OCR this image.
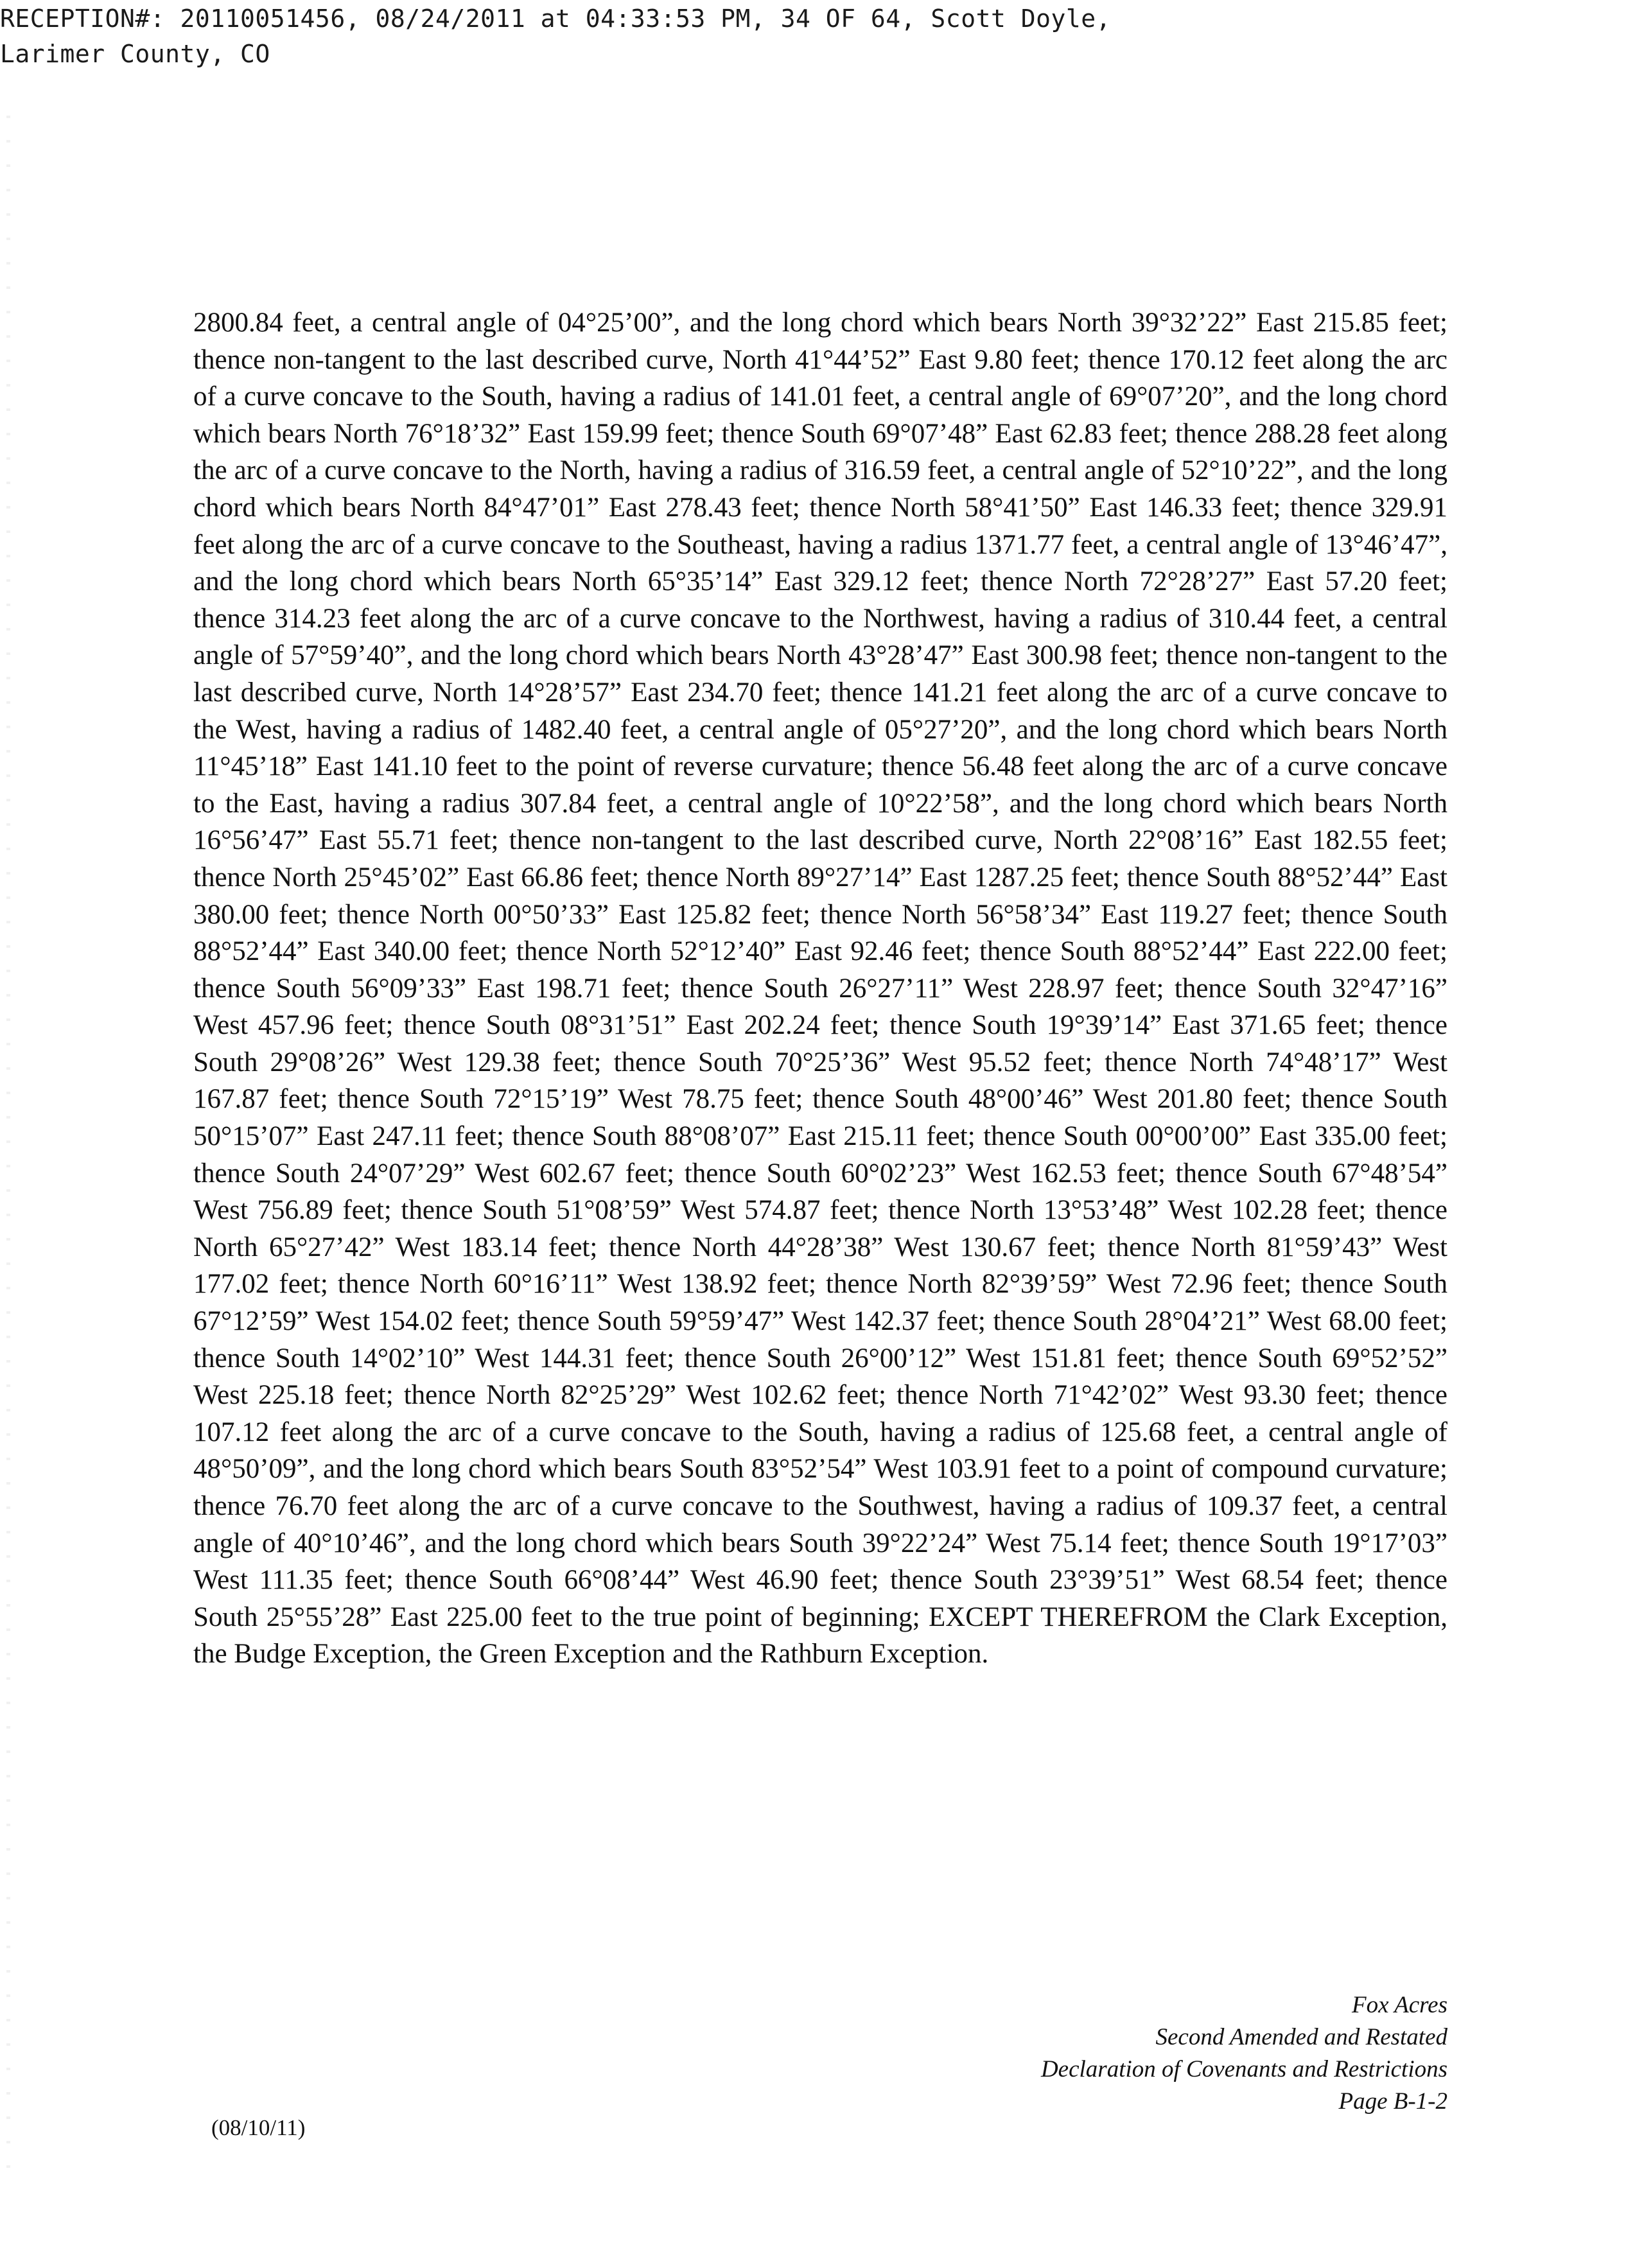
RECEPTION#: 20110051456, 08/24/2011 at 04:33:53 PM, 34 OF 64, Scott Doyle,
Larimer County, CO
2800.84 feet, a central angle of 04°25’00”, and the long chord which bears North 39°32’22” East 215.85 feet; thence non-tangent to the last described curve, North 41°44’52” East 9.80 feet; thence 170.12 feet along the arc of a curve concave to the South, having a radius of 141.01 feet, a central angle of 69°07’20”, and the long chord which bears North 76°18’32” East 159.99 feet; thence South 69°07’48” East 62.83 feet; thence 288.28 feet along the arc of a curve concave to the North, having a radius of 316.59 feet, a central angle of 52°10’22”, and the long chord which bears North 84°47’01” East 278.43 feet; thence North 58°41’50” East 146.33 feet; thence 329.91 feet along the arc of a curve concave to the Southeast, having a radius 1371.77 feet, a central angle of 13°46’47”, and the long chord which bears North 65°35’14” East 329.12 feet; thence North 72°28’27” East 57.20 feet; thence 314.23 feet along the arc of a curve concave to the Northwest, having a radius of 310.44 feet, a central angle of 57°59’40”, and the long chord which bears North 43°28’47” East 300.98 feet; thence non-tangent to the last described curve, North 14°28’57” East 234.70 feet; thence 141.21 feet along the arc of a curve concave to the West, having a radius of 1482.40 feet, a central angle of 05°27’20”, and the long chord which bears North 11°45’18” East 141.10 feet to the point of reverse curvature; thence 56.48 feet along the arc of a curve concave to the East, having a radius 307.84 feet, a central angle of 10°22’58”, and the long chord which bears North 16°56’47” East 55.71 feet; thence non-tangent to the last described curve, North 22°08’16” East 182.55 feet; thence North 25°45’02” East 66.86 feet; thence North 89°27’14” East 1287.25 feet; thence South 88°52’44” East 380.00 feet; thence North 00°50’33” East 125.82 feet; thence North 56°58’34” East 119.27 feet; thence South 88°52’44” East 340.00 feet; thence North 52°12’40” East 92.46 feet; thence South 88°52’44” East 222.00 feet; thence South 56°09’33” East 198.71 feet; thence South 26°27’11” West 228.97 feet; thence South 32°47’16” West 457.96 feet; thence South 08°31’51” East 202.24 feet; thence South 19°39’14” East 371.65 feet; thence South 29°08’26” West 129.38 feet; thence South 70°25’36” West 95.52 feet; thence North 74°48’17” West 167.87 feet; thence South 72°15’19” West 78.75 feet; thence South 48°00’46” West 201.80 feet; thence South 50°15’07” East 247.11 feet; thence South 88°08’07” East 215.11 feet; thence South 00°00’00” East 335.00 feet; thence South 24°07’29” West 602.67 feet; thence South 60°02’23” West 162.53 feet; thence South 67°48’54” West 756.89 feet; thence South 51°08’59” West 574.87 feet; thence North 13°53’48” West 102.28 feet; thence North 65°27’42” West 183.14 feet; thence North 44°28’38” West 130.67 feet; thence North 81°59’43” West 177.02 feet; thence North 60°16’11” West 138.92 feet; thence North 82°39’59” West 72.96 feet; thence South 67°12’59” West 154.02 feet; thence South 59°59’47” West 142.37 feet; thence South 28°04’21” West 68.00 feet; thence South 14°02’10” West 144.31 feet; thence South 26°00’12” West 151.81 feet; thence South 69°52’52” West 225.18 feet; thence North 82°25’29” West 102.62 feet; thence North 71°42’02” West 93.30 feet; thence 107.12 feet along the arc of a curve concave to the South, having a radius of 125.68 feet, a central angle of 48°50’09”, and the long chord which bears South 83°52’54” West 103.91 feet to a point of compound curvature; thence 76.70 feet along the arc of a curve concave to the Southwest, having a radius of 109.37 feet, a central angle of 40°10’46”, and the long chord which bears South 39°22’24” West 75.14 feet; thence South 19°17’03” West 111.35 feet; thence South 66°08’44” West 46.90 feet; thence South 23°39’51” West 68.54 feet; thence South 25°55’28” East 225.00 feet to the true point of beginning; EXCEPT THEREFROM the Clark Exception, the Budge Exception, the Green Exception and the Rathburn Exception.
Fox Acres
Second Amended and Restated
Declaration of Covenants and Restrictions
Page B-1-2
(08/10/11)
